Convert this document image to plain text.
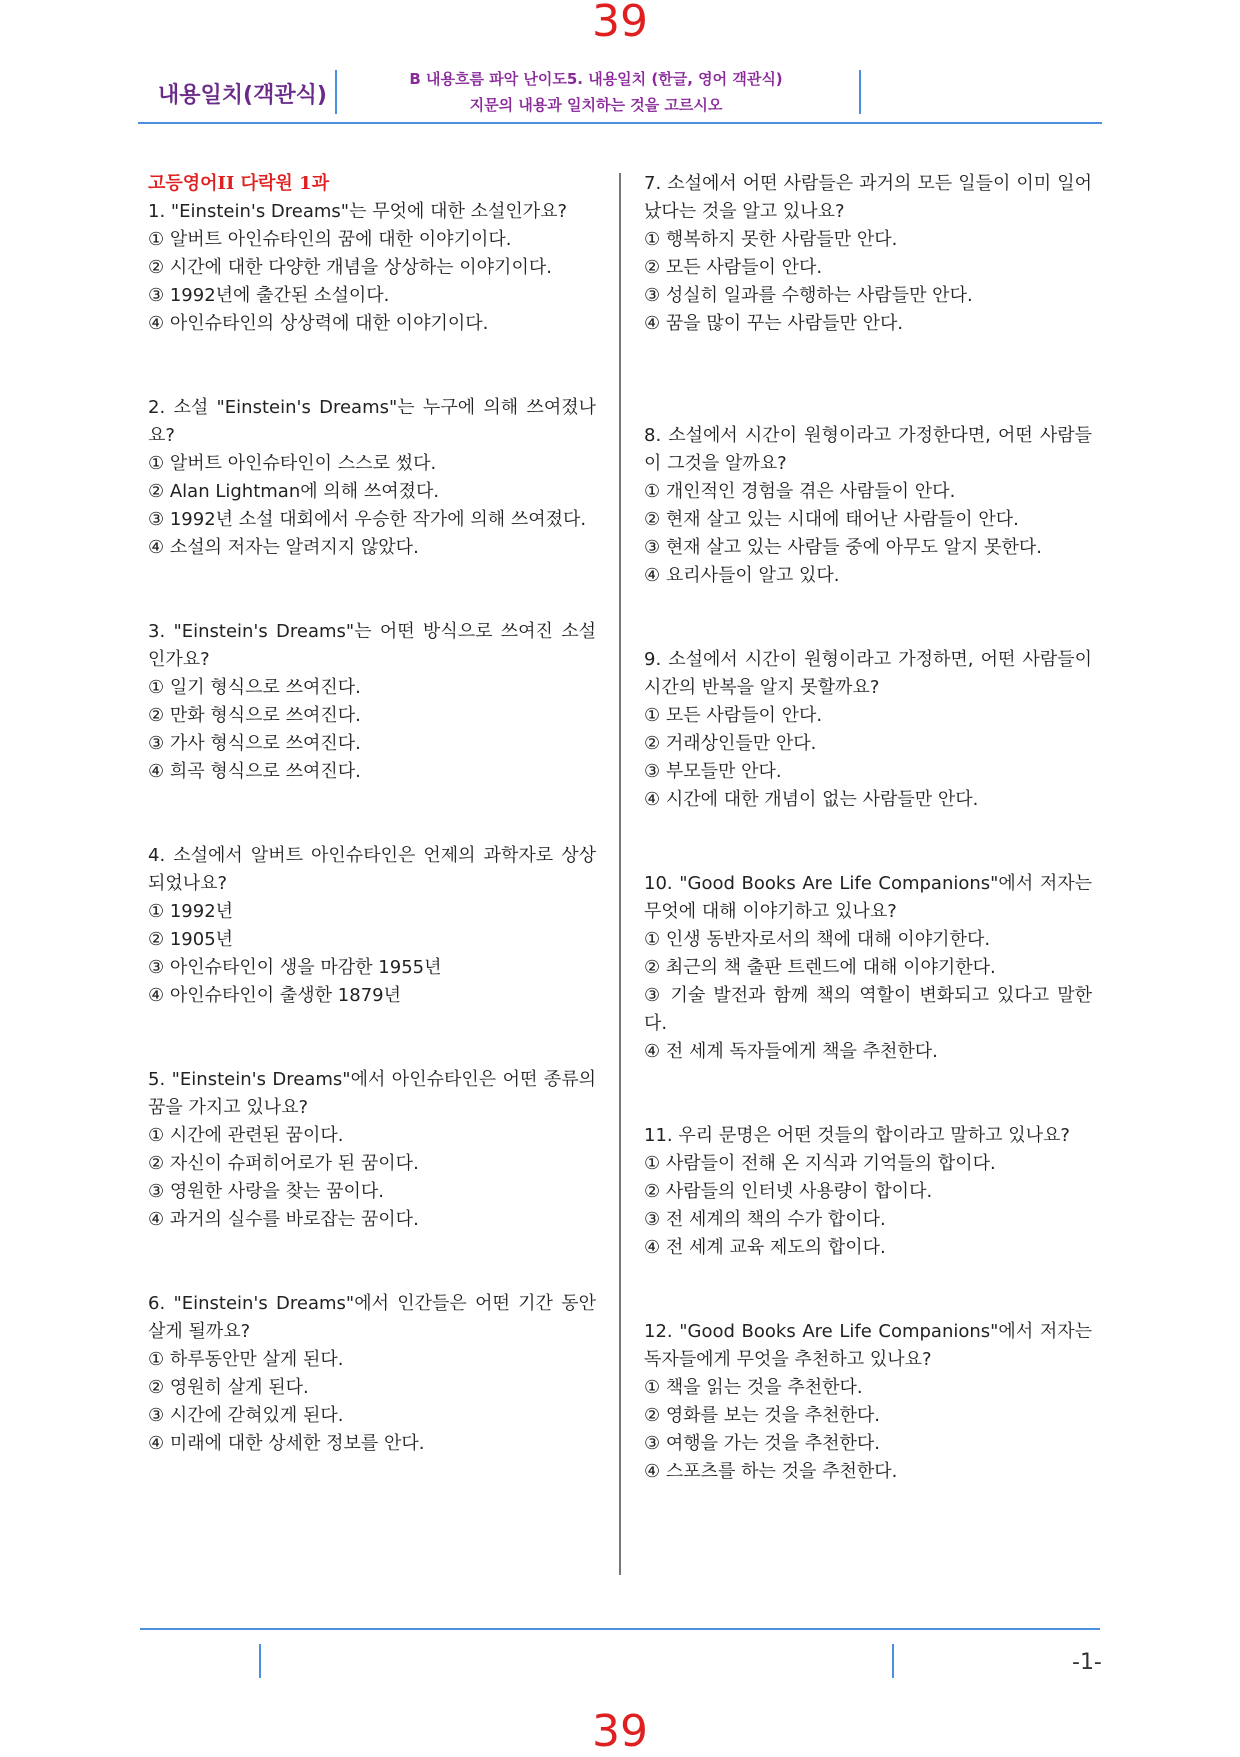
39
내용일치(객관식)
B 내용흐름 파악 난이도5. 내용일치 (한글, 영어 객관식)
지문의 내용과 일치하는 것을 고르시오
고등영어II 다락원 1과
1. "Einstein's Dreams"는 무엇에 대한 소설인가요?
① 알버트 아인슈타인의 꿈에 대한 이야기이다.
② 시간에 대한 다양한 개념을 상상하는 이야기이다.
③ 1992년에 출간된 소설이다.
④ 아인슈타인의 상상력에 대한 이야기이다.
2. 소설 "Einstein's Dreams"는 누구에 의해 쓰여졌나요?
① 알버트 아인슈타인이 스스로 썼다.
② Alan Lightman에 의해 쓰여졌다.
③ 1992년 소설 대회에서 우승한 작가에 의해 쓰여졌다.
④ 소설의 저자는 알려지지 않았다.
3. "Einstein's Dreams"는 어떤 방식으로 쓰여진 소설인가요?
① 일기 형식으로 쓰여진다.
② 만화 형식으로 쓰여진다.
③ 가사 형식으로 쓰여진다.
④ 희곡 형식으로 쓰여진다.
4. 소설에서 알버트 아인슈타인은 언제의 과학자로 상상되었나요?
① 1992년
② 1905년
③ 아인슈타인이 생을 마감한 1955년
④ 아인슈타인이 출생한 1879년
5. "Einstein's Dreams"에서 아인슈타인은 어떤 종류의 꿈을 가지고 있나요?
① 시간에 관련된 꿈이다.
② 자신이 슈퍼히어로가 된 꿈이다.
③ 영원한 사랑을 찾는 꿈이다.
④ 과거의 실수를 바로잡는 꿈이다.
6. "Einstein's Dreams"에서 인간들은 어떤 기간 동안 살게 될까요?
① 하루동안만 살게 된다.
② 영원히 살게 된다.
③ 시간에 갇혀있게 된다.
④ 미래에 대한 상세한 정보를 안다.
7. 소설에서 어떤 사람들은 과거의 모든 일들이 이미 일어났다는 것을 알고 있나요?
① 행복하지 못한 사람들만 안다.
② 모든 사람들이 안다.
③ 성실히 일과를 수행하는 사람들만 안다.
④ 꿈을 많이 꾸는 사람들만 안다.
8. 소설에서 시간이 원형이라고 가정한다면, 어떤 사람들이 그것을 알까요?
① 개인적인 경험을 겪은 사람들이 안다.
② 현재 살고 있는 시대에 태어난 사람들이 안다.
③ 현재 살고 있는 사람들 중에 아무도 알지 못한다.
④ 요리사들이 알고 있다.
9. 소설에서 시간이 원형이라고 가정하면, 어떤 사람들이 시간의 반복을 알지 못할까요?
① 모든 사람들이 안다.
② 거래상인들만 안다.
③ 부모들만 안다.
④ 시간에 대한 개념이 없는 사람들만 안다.
10. "Good Books Are Life Companions"에서 저자는 무엇에 대해 이야기하고 있나요?
① 인생 동반자로서의 책에 대해 이야기한다.
② 최근의 책 출판 트렌드에 대해 이야기한다.
③ 기술 발전과 함께 책의 역할이 변화되고 있다고 말한다.
④ 전 세계 독자들에게 책을 추천한다.
11. 우리 문명은 어떤 것들의 합이라고 말하고 있나요?
① 사람들이 전해 온 지식과 기억들의 합이다.
② 사람들의 인터넷 사용량이 합이다.
③ 전 세계의 책의 수가 합이다.
④ 전 세계 교육 제도의 합이다.
12. "Good Books Are Life Companions"에서 저자는 독자들에게 무엇을 추천하고 있나요?
① 책을 읽는 것을 추천한다.
② 영화를 보는 것을 추천한다.
③ 여행을 가는 것을 추천한다.
④ 스포츠를 하는 것을 추천한다.
-1-
39
